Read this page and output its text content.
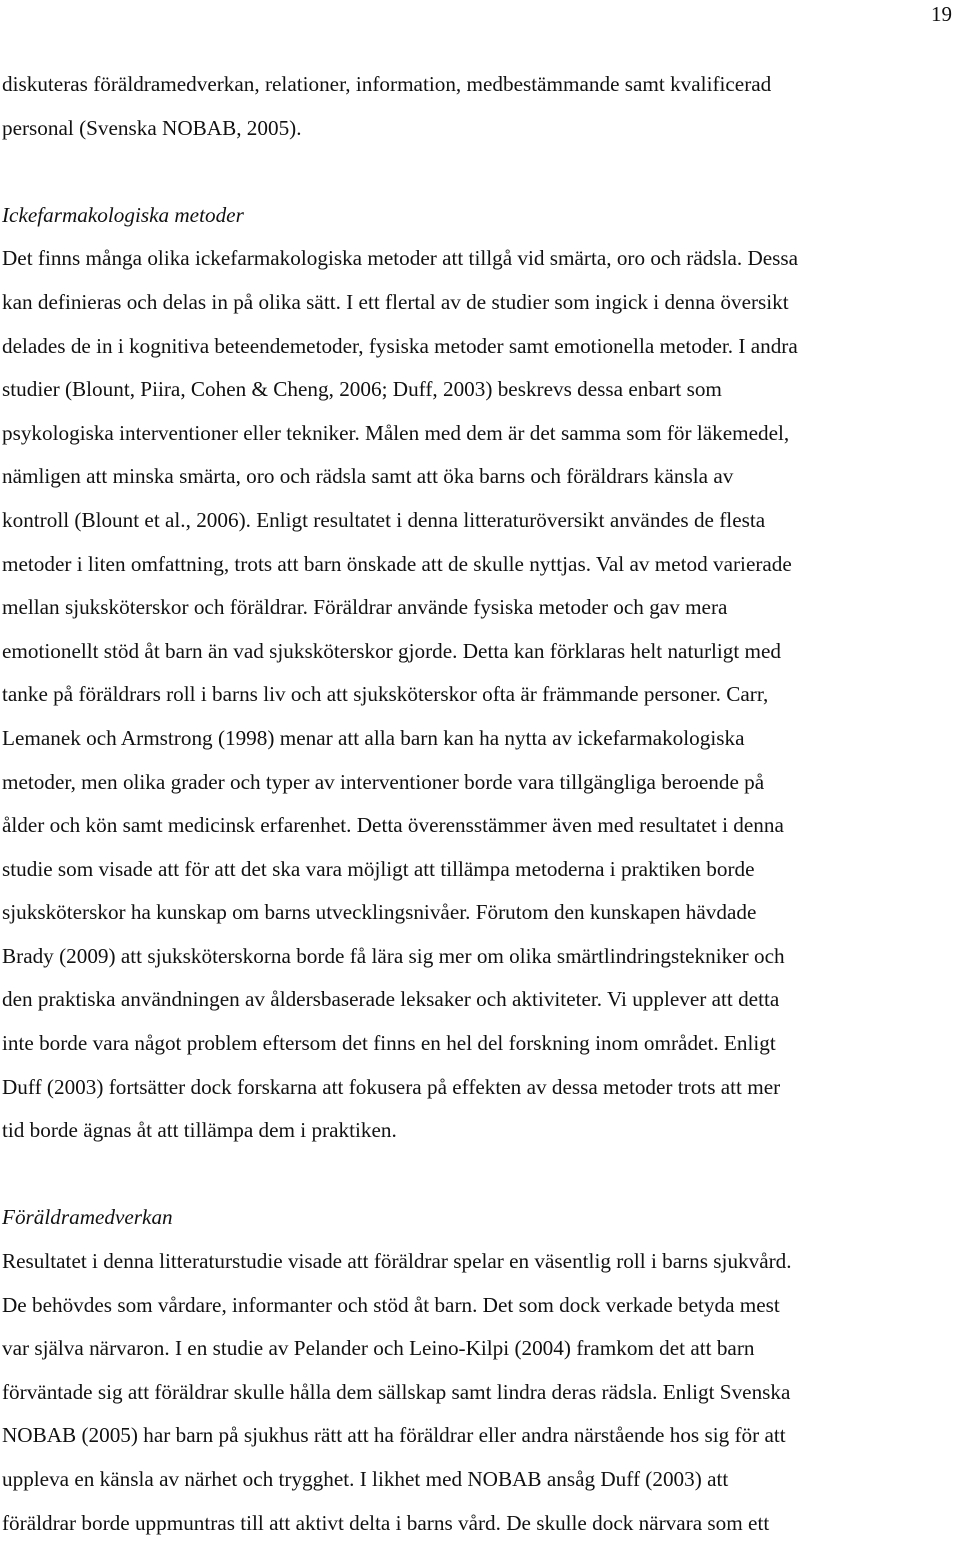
19
diskuteras föräldramedverkan, relationer, information, medbestämmande samt kvalificerad
personal (Svenska NOBAB, 2005).
Ickefarmakologiska metoder
Det finns många olika ickefarmakologiska metoder att tillgå vid smärta, oro och rädsla. Dessa
kan definieras och delas in på olika sätt. I ett flertal av de studier som ingick i denna översikt
delades de in i kognitiva beteendemetoder, fysiska metoder samt emotionella metoder. I andra
studier (Blount, Piira, Cohen & Cheng, 2006; Duff, 2003) beskrevs dessa enbart som
psykologiska interventioner eller tekniker. Målen med dem är det samma som för läkemedel,
nämligen att minska smärta, oro och rädsla samt att öka barns och föräldrars känsla av
kontroll (Blount et al., 2006). Enligt resultatet i denna litteraturöversikt användes de flesta
metoder i liten omfattning, trots att barn önskade att de skulle nyttjas. Val av metod varierade
mellan sjuksköterskor och föräldrar. Föräldrar använde fysiska metoder och gav mera
emotionellt stöd åt barn än vad sjuksköterskor gjorde. Detta kan förklaras helt naturligt med
tanke på föräldrars roll i barns liv och att sjuksköterskor ofta är främmande personer. Carr,
Lemanek och Armstrong (1998) menar att alla barn kan ha nytta av ickefarmakologiska
metoder, men olika grader och typer av interventioner borde vara tillgängliga beroende på
ålder och kön samt medicinsk erfarenhet. Detta överensstämmer även med resultatet i denna
studie som visade att för att det ska vara möjligt att tillämpa metoderna i praktiken borde
sjuksköterskor ha kunskap om barns utvecklingsnivåer. Förutom den kunskapen hävdade
Brady (2009) att sjuksköterskorna borde få lära sig mer om olika smärtlindringstekniker och
den praktiska användningen av åldersbaserade leksaker och aktiviteter. Vi upplever att detta
inte borde vara något problem eftersom det finns en hel del forskning inom området. Enligt
Duff (2003) fortsätter dock forskarna att fokusera på effekten av dessa metoder trots att mer
tid borde ägnas åt att tillämpa dem i praktiken.
Föräldramedverkan
Resultatet i denna litteraturstudie visade att föräldrar spelar en väsentlig roll i barns sjukvård.
De behövdes som vårdare, informanter och stöd åt barn. Det som dock verkade betyda mest
var själva närvaron. I en studie av Pelander och Leino-Kilpi (2004) framkom det att barn
förväntade sig att föräldrar skulle hålla dem sällskap samt lindra deras rädsla. Enligt Svenska
NOBAB (2005) har barn på sjukhus rätt att ha föräldrar eller andra närstående hos sig för att
uppleva en känsla av närhet och trygghet. I likhet med NOBAB ansåg Duff (2003) att
föräldrar borde uppmuntras till att aktivt delta i barns vård. De skulle dock närvara som ett
